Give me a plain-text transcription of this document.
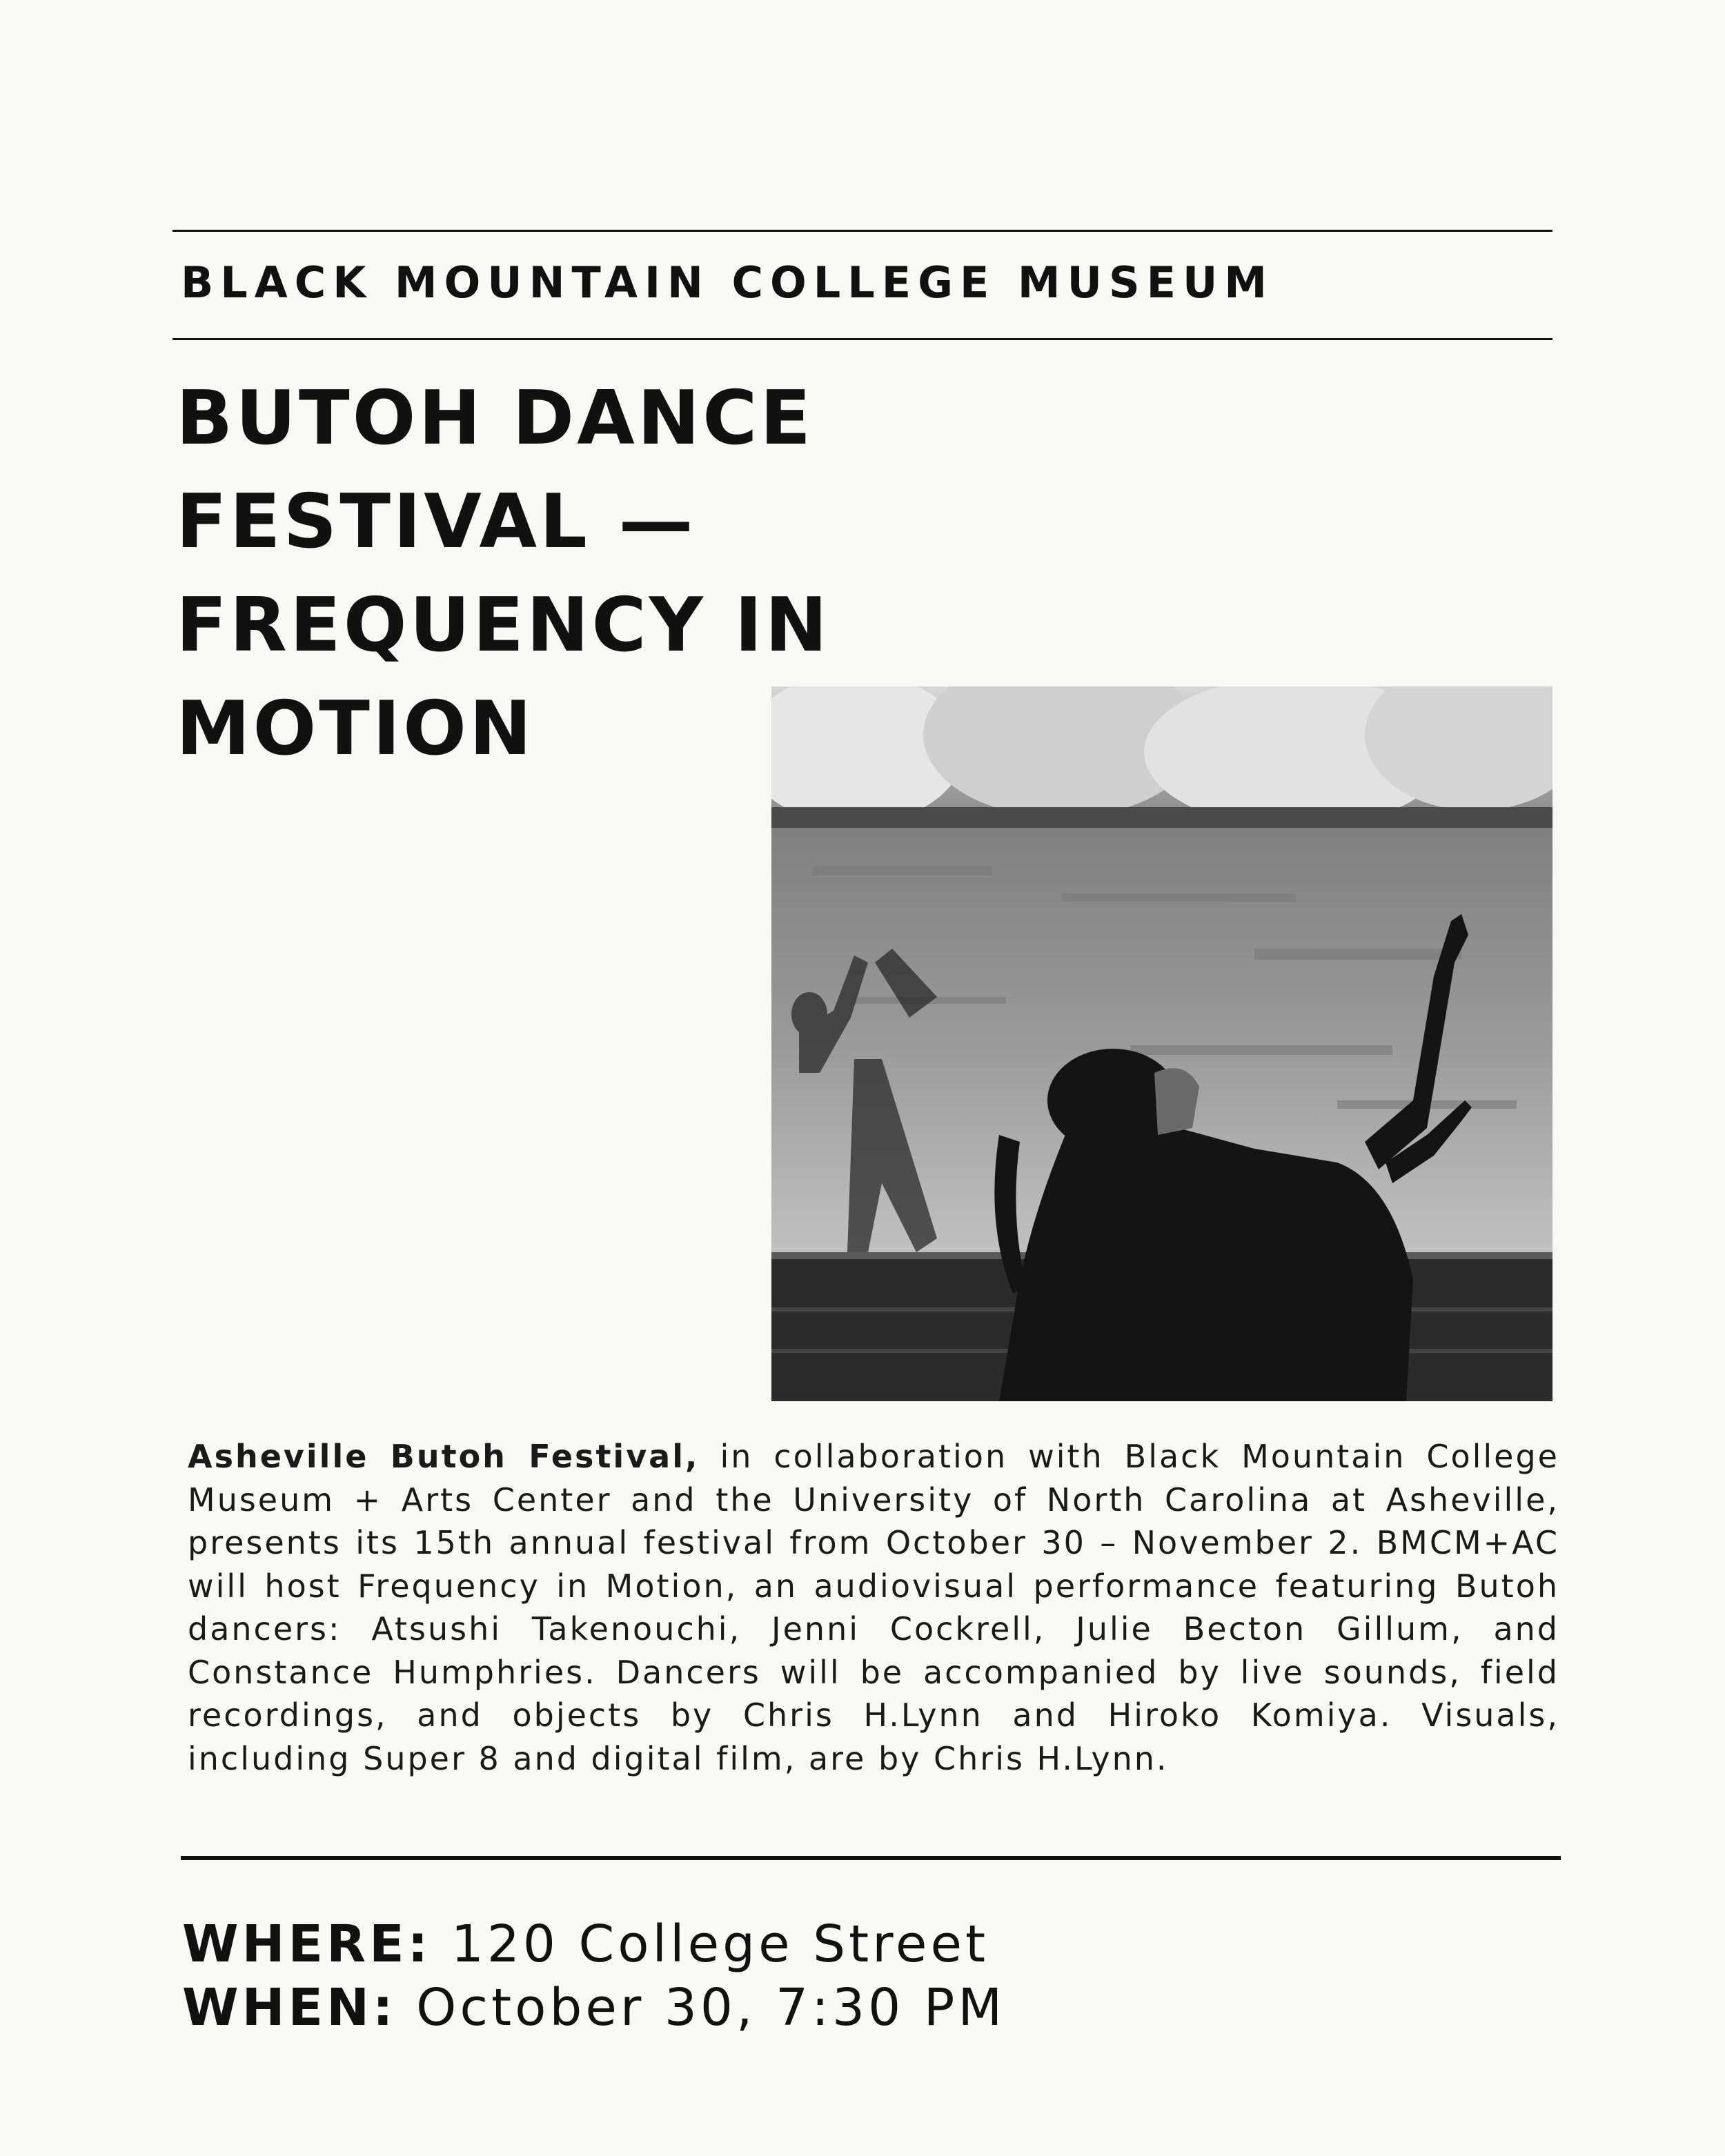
BLACK MOUNTAIN COLLEGE MUSEUM
BUTOH DANCE
FESTIVAL —
FREQUENCY IN
MOTION

Asheville Butoh Festival, in collaboration with Black Mountain College Museum + Arts Center and the University of North Carolina at Asheville, presents its 15th annual festival from October 30 – November 2. BMCM+AC will host Frequency in Motion, an audiovisual performance featuring Butoh dancers: Atsushi Takenouchi, Jenni Cockrell, Julie Becton Gillum, and Constance Humphries. Dancers will be accompanied by live sounds, field recordings, and objects by Chris H.Lynn and Hiroko Komiya. Visuals, including Super 8 and digital film, are by Chris H.Lynn.

WHERE: 120 College Street
WHEN: October 30, 7:30 PM
